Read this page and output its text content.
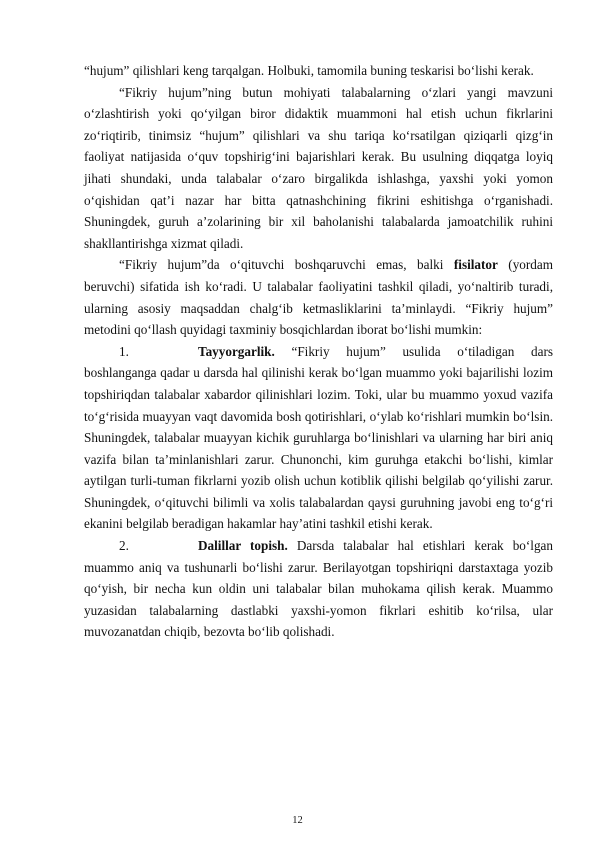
“hujum” qilishlari keng tarqalgan. Holbuki, tamomila buning teskarisi bo‘lishi kerak.

“Fikriy hujum”ning butun mohiyati talabalarning o‘zlari yangi mavzuni o‘zlashtirish yoki qo‘yilgan biror didaktik muammoni hal etish uchun fikrlarini zo‘riqtirib, tinimsiz “hujum” qilishlari va shu tariqa ko‘rsatilgan qiziqarli qizg‘in faoliyat natijasida o‘quv topshirig‘ini bajarishlari kerak. Bu usulning diqqatga loyiq jihati shundaki, unda talabalar o‘zaro birgalikda ishlashga, yaxshi yoki yomon o‘qishidan qat’i nazar har bitta qatnashchining fikrini eshitishga o‘rganishadi. Shuningdek, guruh a’zolarining bir xil baholanishi talabalarda jamoatchilik ruhini shakllantirishga xizmat qiladi.

“Fikriy hujum”da o‘qituvchi boshqaruvchi emas, balki fisilator (yordam beruvchi) sifatida ish ko‘radi. U talabalar faoliyatini tashkil qiladi, yo‘naltirib turadi, ularning asosiy maqsaddan chalg‘ib ketmasliklarini ta’minlaydi. “Fikriy hujum” metodini qo‘llash quyidagi taxminiy bosqichlardan iborat bo‘lishi mumkin:

1.	Tayyorgarlik. “Fikriy hujum” usulida o‘tiladigan dars boshlanganga qadar u darsda hal qilinishi kerak bo‘lgan muammo yoki bajarilishi lozim topshiriqdan talabalar xabardor qilinishlari lozim. Toki, ular bu muammo yoxud vazifa to‘g‘risida muayyan vaqt davomida bosh qotirishlari, o‘ylab ko‘rishlari mumkin bo‘lsin. Shuningdek, talabalar muayyan kichik guruhlarga bo‘linishlari va ularning har biri aniq vazifa bilan ta’minlanishlari zarur. Chunonchi, kim guruhga etakchi bo‘lishi, kimlar aytilgan turli-tuman fikrlarni yozib olish uchun kotiblik qilishi belgilab qo‘yilishi zarur. Shuningdek, o‘qituvchi bilimli va xolis talabalardan qaysi guruhning javobi eng to‘g‘ri ekanini belgilab beradigan hakamlar hay’atini tashkil etishi kerak.

2.	Dalillar topish. Darsda talabalar hal etishlari kerak bo‘lgan muammo aniq va tushunarli bo‘lishi zarur. Berilayotgan topshiriqni darstaxtaga yozib qo‘yish, bir necha kun oldin uni talabalar bilan muhokama qilish kerak. Muammo yuzasidan talabalarning dastlabki yaxshi-yomon fikrlari eshitib ko‘rilsa, ular muvozanatdan chiqib, bezovta bo‘lib qolishadi.

12
